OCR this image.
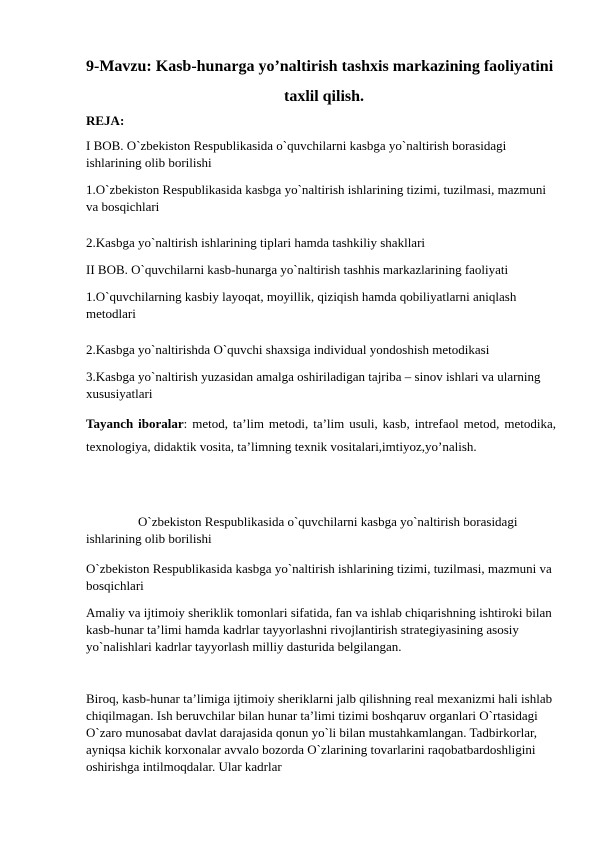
9-Mavzu: Kasb-hunarga yo’naltirish tashxis markazining faoliyatini
taxlil qilish.
REJA:
I BOB. O`zbekiston Respublikasida o`quvchilarni kasbga yo`naltirish borasidagi ishlarining olib borilishi
1.O`zbekiston Respublikasida kasbga yo`naltirish ishlarining tizimi, tuzilmasi, mazmuni va bosqichlari
2.Kasbga yo`naltirish ishlarining tiplari hamda tashkiliy shakllari
II BOB. O`quvchilarni kasb-hunarga yo`naltirish tashhis markazlarining faoliyati
1.O`quvchilarning kasbiy layoqat, moyillik, qiziqish hamda qobiliyatlarni aniqlash metodlari
2.Kasbga yo`naltirishda O`quvchi shaxsiga individual yondoshish metodikasi
3.Kasbga yo`naltirish yuzasidan amalga oshiriladigan tajriba – sinov ishlari va ularning xususiyatlari
Tayanch iboralar: metod, ta’lim metodi, ta’lim usuli, kasb, intrefaol metod, metodika, texnologiya, didaktik vosita, ta’limning texnik vositalari,imtiyoz,yo’nalish.
O`zbekiston Respublikasida o`quvchilarni kasbga yo`naltirish borasidagi ishlarining olib borilishi
O`zbekiston Respublikasida kasbga yo`naltirish ishlarining tizimi, tuzilmasi, mazmuni va bosqichlari
Amaliy va ijtimoiy sheriklik tomonlari sifatida, fan va ishlab chiqarishning ishtiroki bilan kasb-hunar ta’limi hamda kadrlar tayyorlashni rivojlantirish strategiyasining asosiy yo`nalishlari kadrlar tayyorlash milliy dasturida belgilangan.
Biroq, kasb-hunar ta’limiga ijtimoiy sheriklarni jalb qilishning real mexanizmi hali ishlab chiqilmagan. Ish beruvchilar bilan hunar ta’limi tizimi boshqaruv organlari O`rtasidagi O`zaro munosabat davlat darajasida qonun yo`li bilan mustahkamlangan. Tadbirkorlar, ayniqsa kichik korxonalar avvalo bozorda O`zlarining tovarlarini raqobatbardoshligini oshirishga intilmoqdalar. Ular kadrlar
